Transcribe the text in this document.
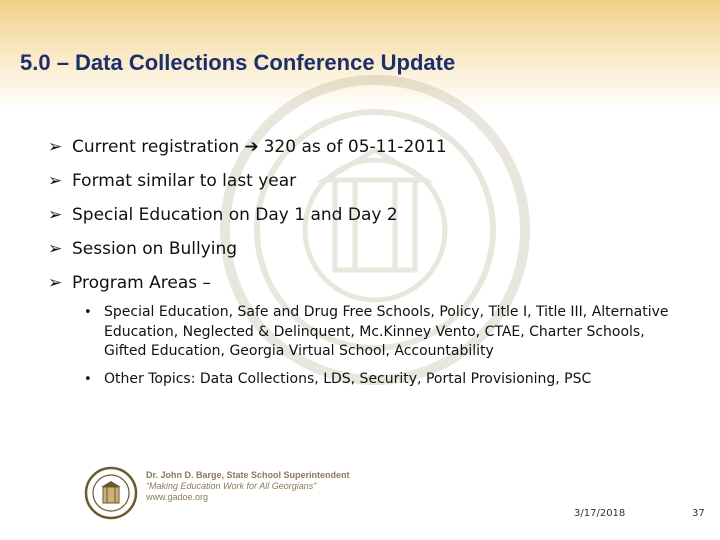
5.0 – Data Collections Conference Update
➢ Current registration ➔ 320 as of 05-11-2011
➢ Format similar to last year
➢ Special Education on Day 1 and Day 2
➢ Session on Bullying
➢ Program Areas –
• Special Education, Safe and Drug Free Schools, Policy, Title I, Title III, Alternative Education, Neglected & Delinquent, Mc.Kinney Vento, CTAE, Charter Schools, Gifted Education, Georgia Virtual School, Accountability
• Other Topics: Data Collections, LDS, Security, Portal Provisioning, PSC
Dr. John D. Barge, State School Superintendent
“Making Education Work for All Georgians”
www.gadoe.org
3/17/2018	37
